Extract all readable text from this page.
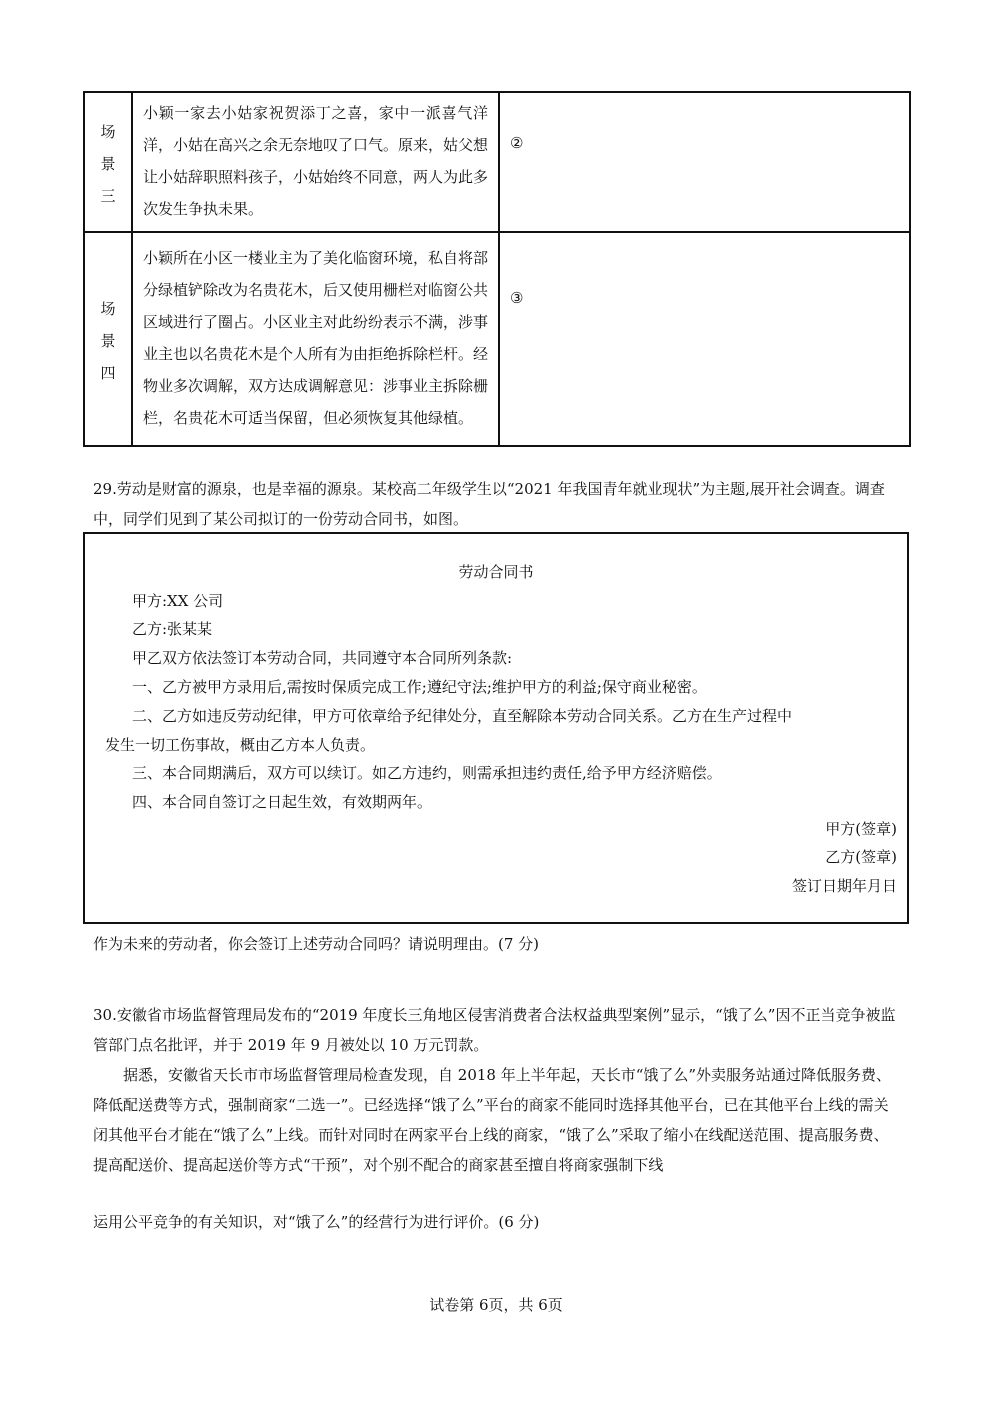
场
景
三	小颖一家去小姑家祝贺添丁之喜，家中一派喜气洋洋，小姑在高兴之余无奈地叹了口气。原来，姑父想让小姑辞职照料孩子，小姑始终不同意，两人为此多次发生争执未果。	②

场
景
四	小颖所在小区一楼业主为了美化临窗环境，私自将部分绿植铲除改为名贵花木，后又使用栅栏对临窗公共区域进行了圈占。小区业主对此纷纷表示不满，涉事业主也以名贵花木是个人所有为由拒绝拆除栏杆。经物业多次调解，双方达成调解意见：涉事业主拆除栅栏，名贵花木可适当保留，但必须恢复其他绿植。	③
29.劳动是财富的源泉，也是幸福的源泉。某校高二年级学生以“2021 年我国青年就业现状”为主题,展开社会调查。调查中，同学们见到了某公司拟订的一份劳动合同书，如图。
劳动合同书
甲方:XX 公司
乙方:张某某
甲乙双方依法签订本劳动合同，共同遵守本合同所列条款:
一、乙方被甲方录用后,需按时保质完成工作;遵纪守法;维护甲方的利益;保守商业秘密。
二、乙方如违反劳动纪律，甲方可依章给予纪律处分，直至解除本劳动合同关系。乙方在生产过程中
发生一切工伤事故，概由乙方本人负责。
三、本合同期满后，双方可以续订。如乙方违约，则需承担违约责任,给予甲方经济赔偿。
四、本合同自签订之日起生效，有效期两年。
甲方(签章)
乙方(签章)
签订日期年月日
作为未来的劳动者，你会签订上述劳动合同吗？请说明理由。(7 分)
30.安徽省市场监督管理局发布的“2019 年度长三角地区侵害消费者合法权益典型案例”显示，“饿了么”因不正当竞争被监管部门点名批评，并于 2019 年 9 月被处以 10 万元罚款。
据悉，安徽省天长市市场监督管理局检查发现，自 2018 年上半年起，天长市“饿了么”外卖服务站通过降低服务费、降低配送费等方式，强制商家“二选一”。已经选择“饿了么”平台的商家不能同时选择其他平台，已在其他平台上线的需关闭其他平台才能在“饿了么”上线。而针对同时在两家平台上线的商家，“饿了么”采取了缩小在线配送范围、提高服务费、提高配送价、提高起送价等方式“干预”，对个别不配合的商家甚至擅自将商家强制下线
运用公平竞争的有关知识，对“饿了么”的经营行为进行评价。(6 分)
试卷第 6页，共 6页
